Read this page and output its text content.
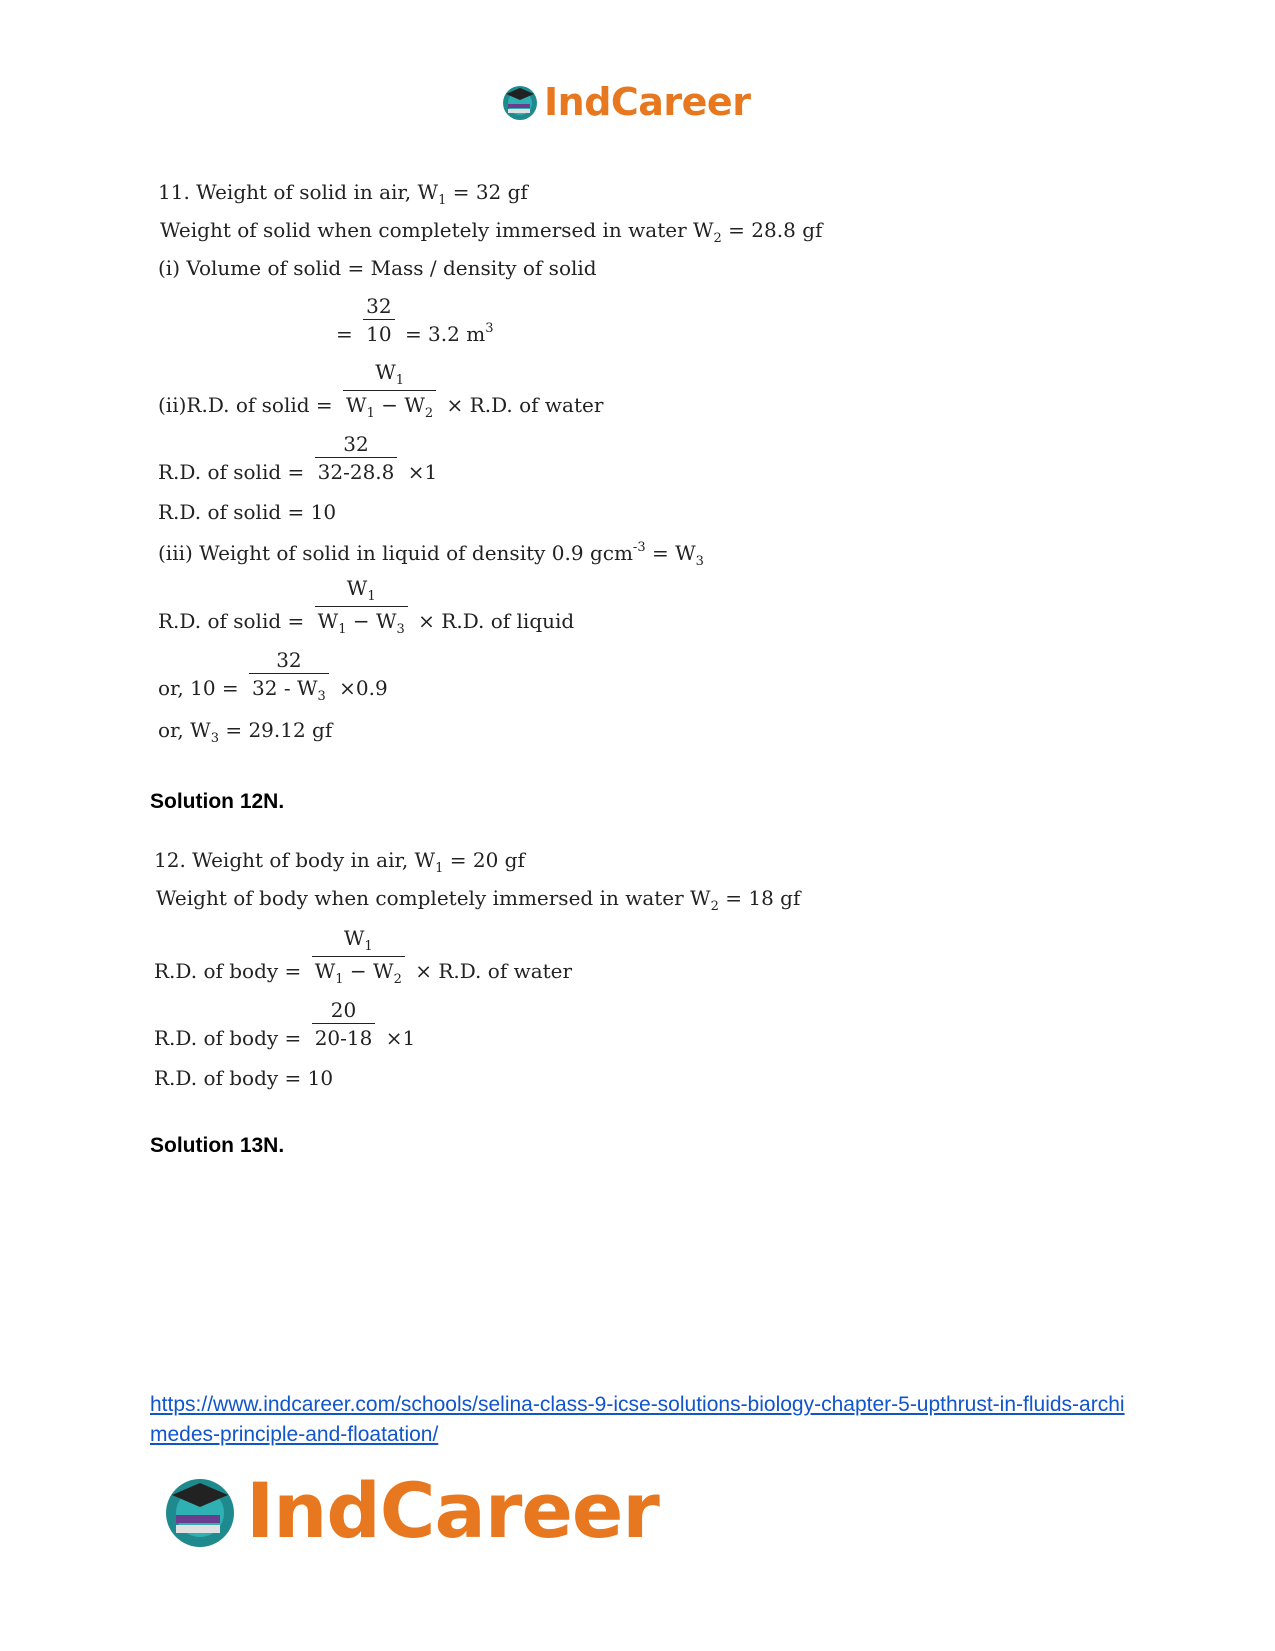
IndCareer
11. Weight of solid in air, $W_1 = 32$ gf
Weight of solid when completely immersed in water $W_2 = 28.8$ gf
(i) Volume of solid = Mass / density of solid
= $\frac{32}{10} = 3.2$ $m^3$
(ii)R.D. of solid = $\frac{W_1}{W_1 - W_2} \times R.D$. of water
R.D. of solid = $\frac{32}{32-28.8} \times 1$
R.D. of solid = 10
(iii) Weight of solid in liquid of density 0.9 $gcm^{-3} = W_3$
R.D. of solid = $\frac{W_1}{W_1 - W_3} \times R.D$. of liquid
or, $10 = \frac{32}{32 - W_3} \times 0.9$
or, $W_3 = 29.12$ gf
Solution 12N.
12. Weight of body in air, $W_1 = 20$ gf
Weight of body when completely immersed in water $W_2 = 18$ gf
R.D. of body = $\frac{W_1}{W_1 - W_2} \times R.D$. of water
R.D. of body = $\frac{20}{20-18} \times 1$
R.D. of body = 10
Solution 13N.
https://www.indcareer.com/schools/selina-class-9-icse-solutions-biology-chapter-5-upthrust-in-fluids-archimedes-principle-and-floatation/
IndCareer
